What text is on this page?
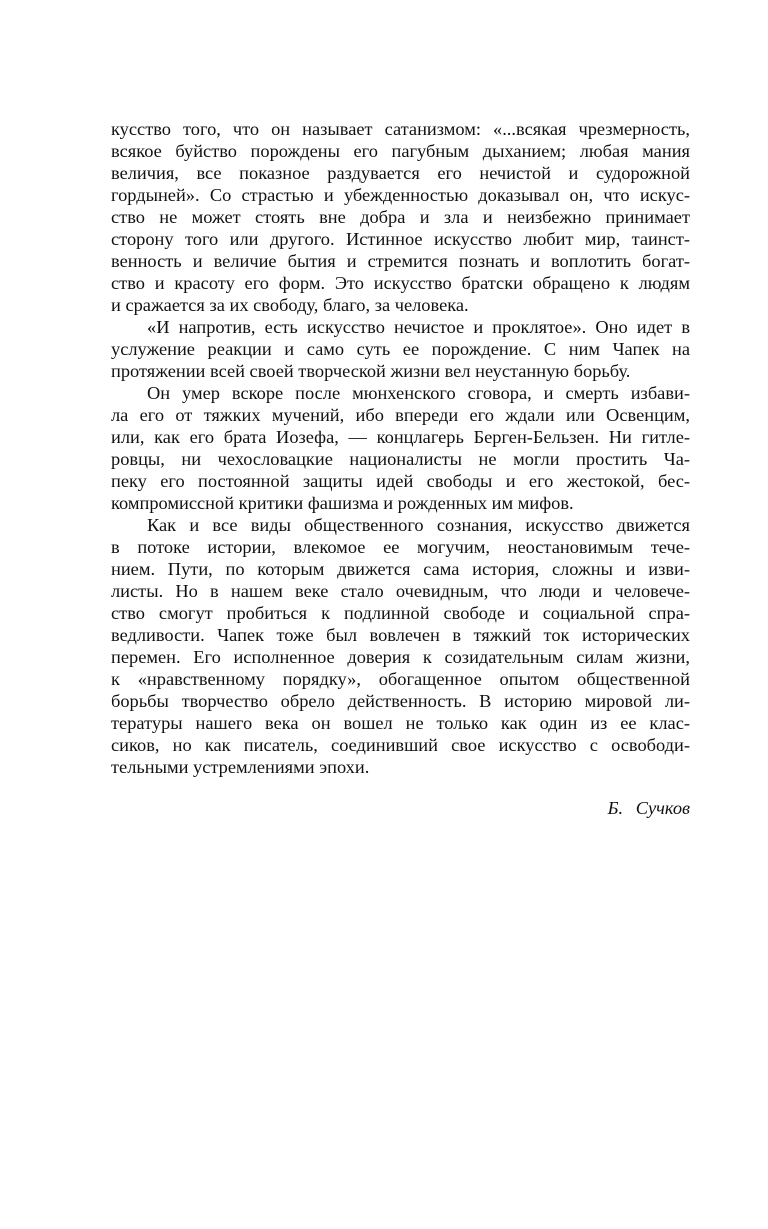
кусство того, что он называет сатанизмом: «...всякая чрезмерность,
всякое буйство порождены его пагубным дыханием; любая мания
величия, все показное раздувается его нечистой и судорожной
гордыней». Со страстью и убежденностью доказывал он, что искус-
ство не может стоять вне добра и зла и неизбежно принимает
сторону того или другого. Истинное искусство любит мир, таинст-
венность и величие бытия и стремится познать и воплотить богат-
ство и красоту его форм. Это искусство братски обращено к людям
и сражается за их свободу, благо, за человека.
«И напротив, есть искусство нечистое и проклятое». Оно идет в
услужение реакции и само суть ее порождение. С ним Чапек на
протяжении всей своей творческой жизни вел неустанную борьбу.
Он умер вскоре после мюнхенского сговора, и смерть избави-
ла его от тяжких мучений, ибо впереди его ждали или Освенцим,
или, как его брата Иозефа, — концлагерь Берген-Бельзен. Ни гитле-
ровцы, ни чехословацкие националисты не могли простить Ча-
пеку его постоянной защиты идей свободы и его жестокой, бес-
компромиссной критики фашизма и рожденных им мифов.
Как и все виды общественного сознания, искусство движется
в потоке истории, влекомое ее могучим, неостановимым тече-
нием. Пути, по которым движется сама история, сложны и изви-
листы. Но в нашем веке стало очевидным, что люди и человече-
ство смогут пробиться к подлинной свободе и социальной спра-
ведливости. Чапек тоже был вовлечен в тяжкий ток исторических
перемен. Его исполненное доверия к созидательным силам жизни,
к «нравственному порядку», обогащенное опытом общественной
борьбы творчество обрело действенность. В историю мировой ли-
тературы нашего века он вошел не только как один из ее клас-
сиков, но как писатель, соединивший свое искусство с освободи-
тельными устремлениями эпохи.
Б. Сучков
